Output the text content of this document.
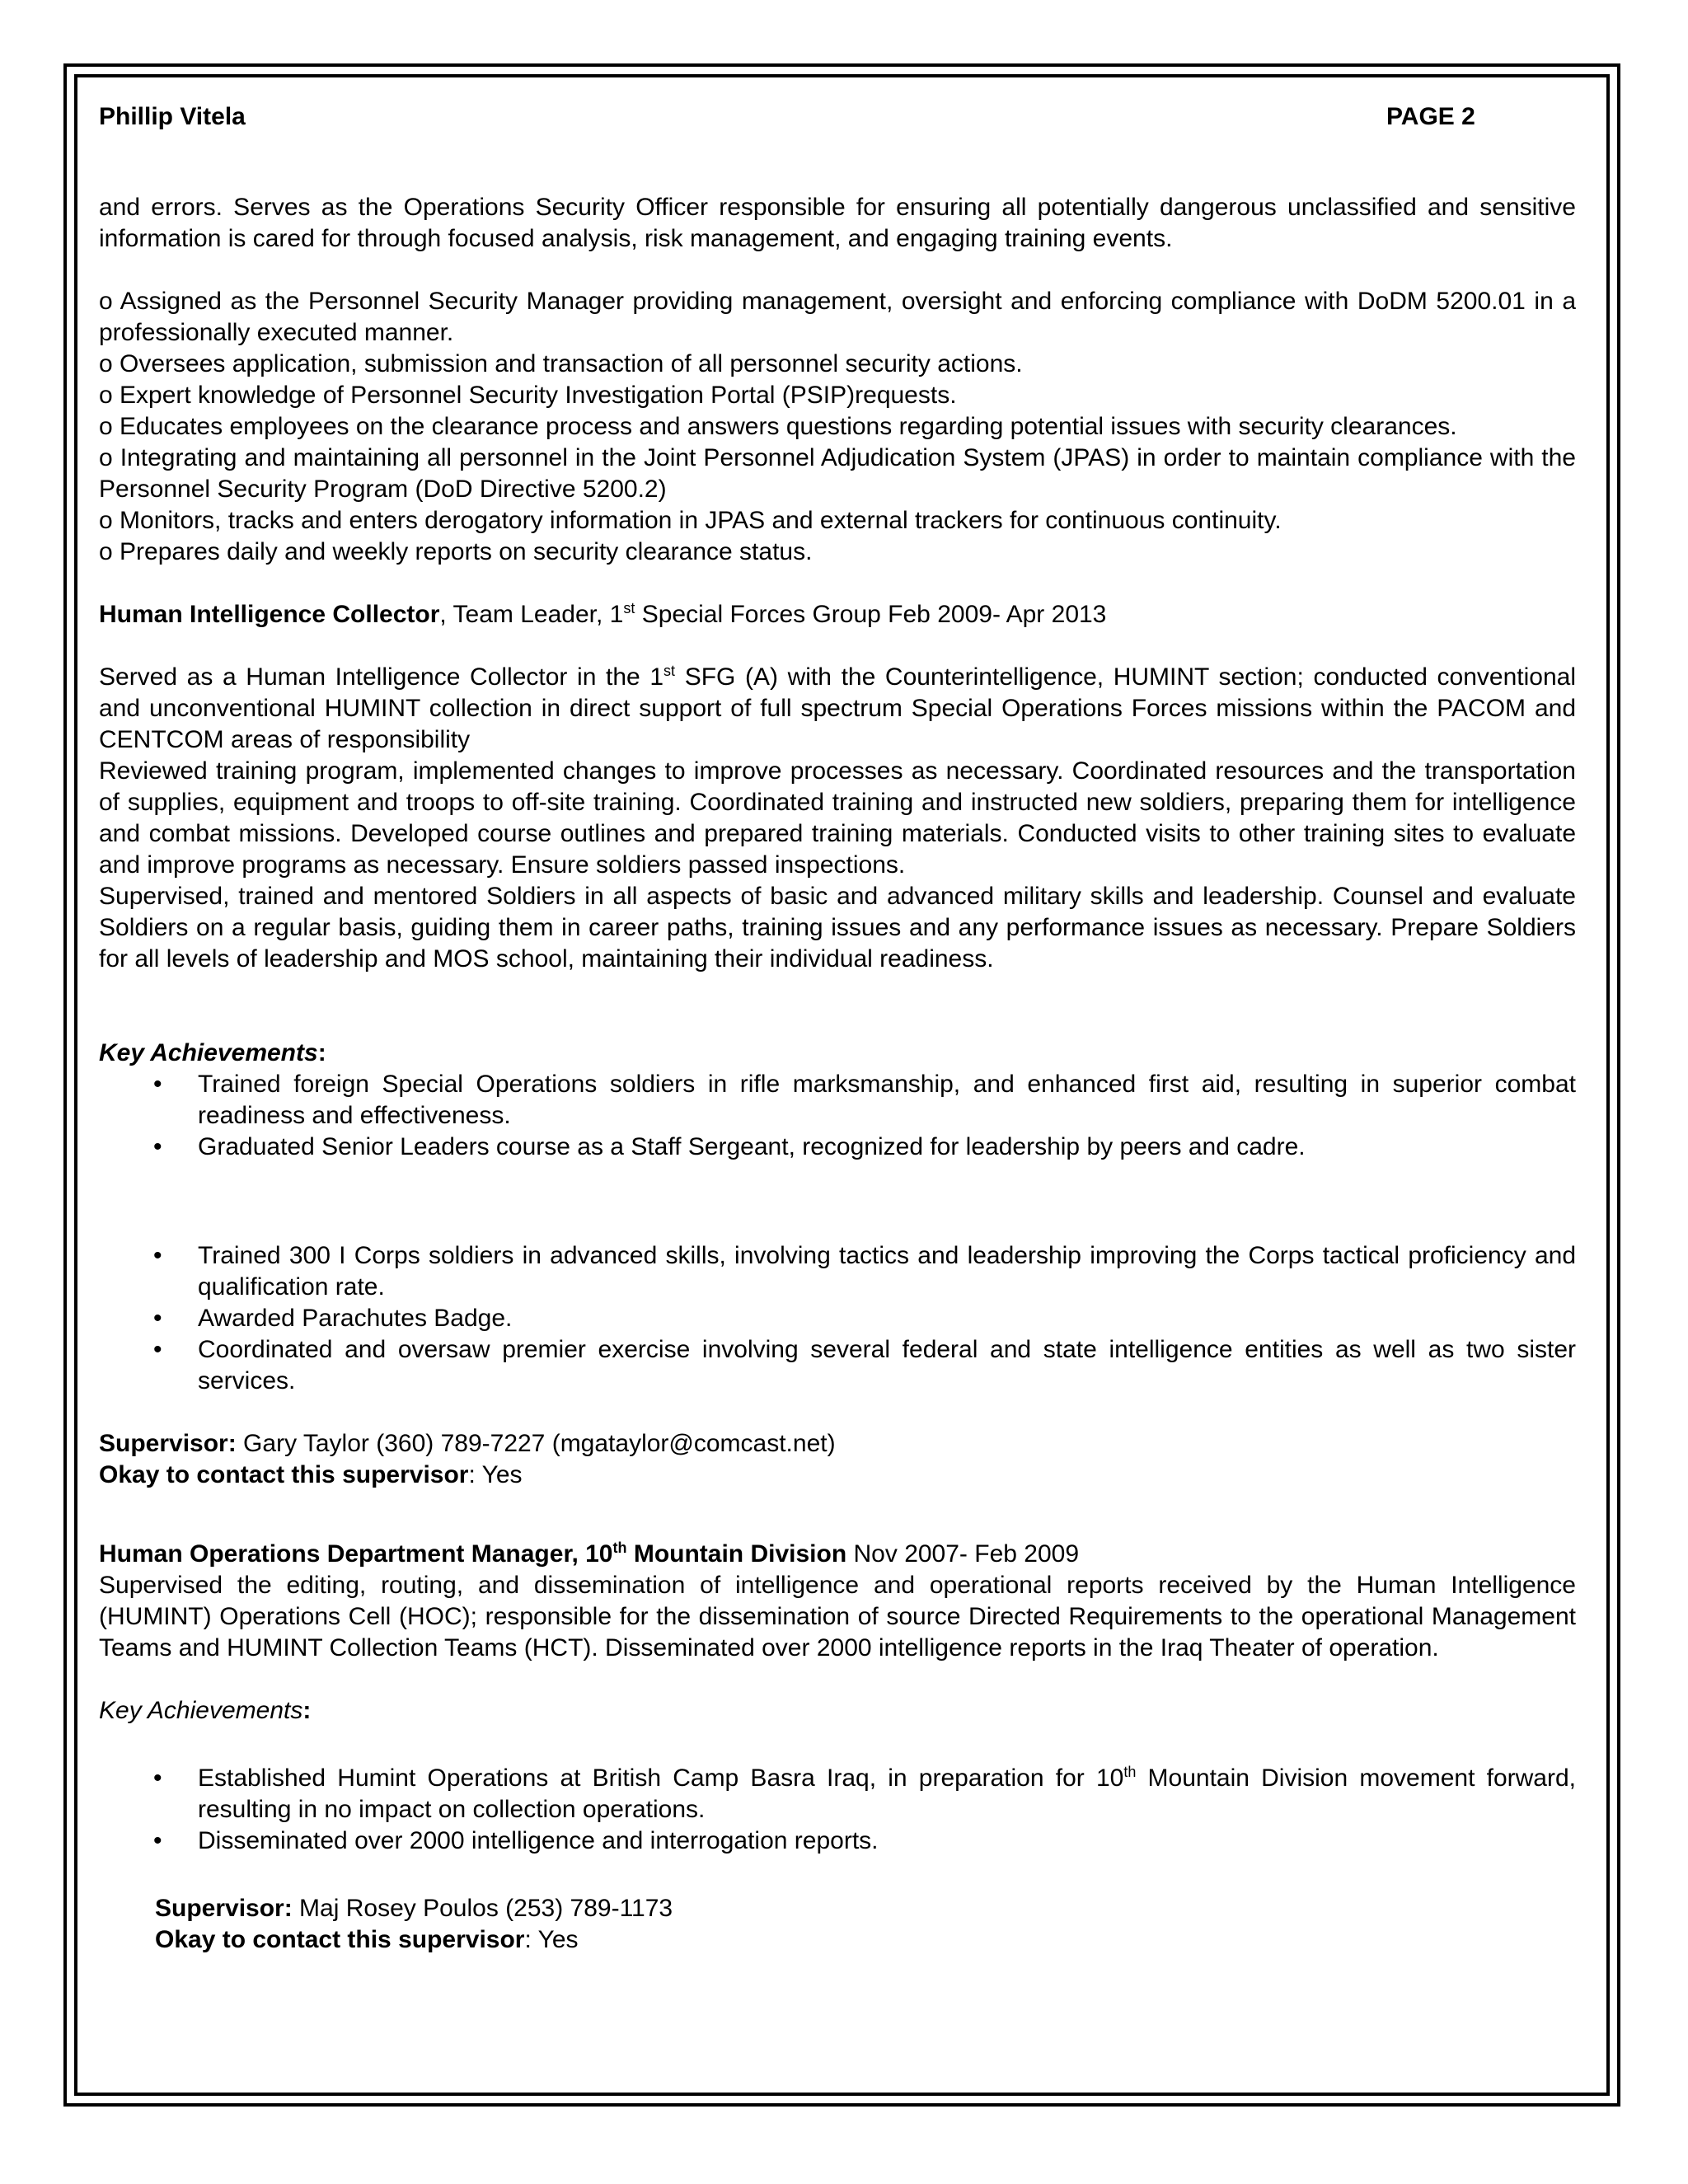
Phillip Vitela	PAGE 2

and errors. Serves as the Operations Security Officer responsible for ensuring all potentially dangerous unclassified and sensitive information is cared for through focused analysis, risk management, and engaging training events.

o Assigned as the Personnel Security Manager providing management, oversight and enforcing compliance with DoDM 5200.01 in a professionally executed manner.

o Oversees application, submission and transaction of all personnel security actions.

o Expert knowledge of Personnel Security Investigation Portal (PSIP)requests.

o Educates employees on the clearance process and answers questions regarding potential issues with security clearances.

o Integrating and maintaining all personnel in the Joint Personnel Adjudication System (JPAS) in order to maintain compliance with the Personnel Security Program (DoD Directive 5200.2)

o Monitors, tracks and enters derogatory information in JPAS and external trackers for continuous continuity.

o Prepares daily and weekly reports on security clearance status.

Human Intelligence Collector, Team Leader, 1st Special Forces Group Feb 2009- Apr 2013

Served as a Human Intelligence Collector in the 1st SFG (A) with the Counterintelligence, HUMINT section; conducted conventional and unconventional HUMINT collection in direct support of full spectrum Special Operations Forces missions within the PACOM and CENTCOM areas of responsibility

Reviewed training program, implemented changes to improve processes as necessary. Coordinated resources and the transportation of supplies, equipment and troops to off-site training. Coordinated training and instructed new soldiers, preparing them for intelligence and combat missions. Developed course outlines and prepared training materials. Conducted visits to other training sites to evaluate and improve programs as necessary. Ensure soldiers passed inspections.

Supervised, trained and mentored Soldiers in all aspects of basic and advanced military skills and leadership. Counsel and evaluate Soldiers on a regular basis, guiding them in career paths, training issues and any performance issues as necessary. Prepare Soldiers for all levels of leadership and MOS school, maintaining their individual readiness.

Key Achievements:

• Trained foreign Special Operations soldiers in rifle marksmanship, and enhanced first aid, resulting in superior combat readiness and effectiveness.
• Graduated Senior Leaders course as a Staff Sergeant, recognized for leadership by peers and cadre.
• Trained 300 I Corps soldiers in advanced skills, involving tactics and leadership improving the Corps tactical proficiency and qualification rate.
• Awarded Parachutes Badge.
• Coordinated and oversaw premier exercise involving several federal and state intelligence entities as well as two sister services.

Supervisor: Gary Taylor (360) 789-7227 (mgataylor@comcast.net)

Okay to contact this supervisor: Yes

Human Operations Department Manager, 10th Mountain Division Nov 2007- Feb 2009

Supervised the editing, routing, and dissemination of intelligence and operational reports received by the Human Intelligence (HUMINT) Operations Cell (HOC); responsible for the dissemination of source Directed Requirements to the operational Management Teams and HUMINT Collection Teams (HCT). Disseminated over 2000 intelligence reports in the Iraq Theater of operation.

Key Achievements:

• Established Humint Operations at British Camp Basra Iraq, in preparation for 10th Mountain Division movement forward, resulting in no impact on collection operations.
• Disseminated over 2000 intelligence and interrogation reports.

Supervisor: Maj Rosey Poulos (253) 789-1173

Okay to contact this supervisor: Yes
